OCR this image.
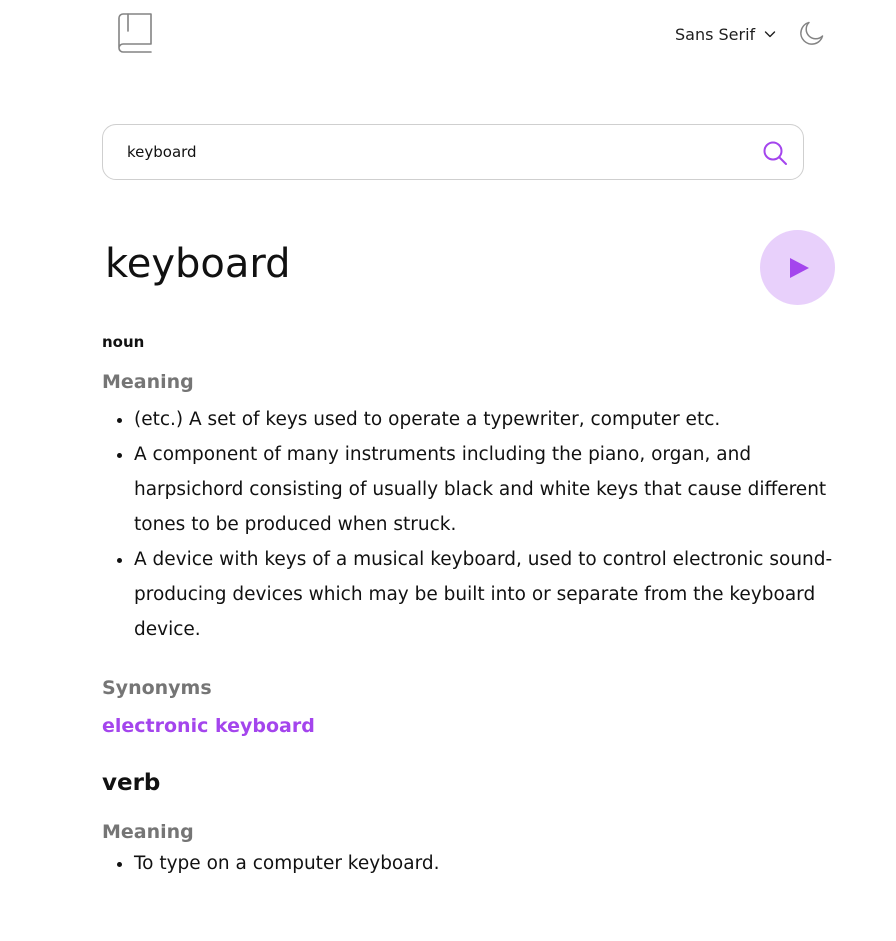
Sans Serif
keyboard
keyboard
noun
Meaning
• (etc.) A set of keys used to operate a typewriter, computer etc.
• A component of many instruments including the piano, organ, and harpsichord consisting of usually black and white keys that cause different tones to be produced when struck.
• A device with keys of a musical keyboard, used to control electronic sound-producing devices which may be built into or separate from the keyboard device.
Synonyms
electronic keyboard
verb
Meaning
• To type on a computer keyboard.
